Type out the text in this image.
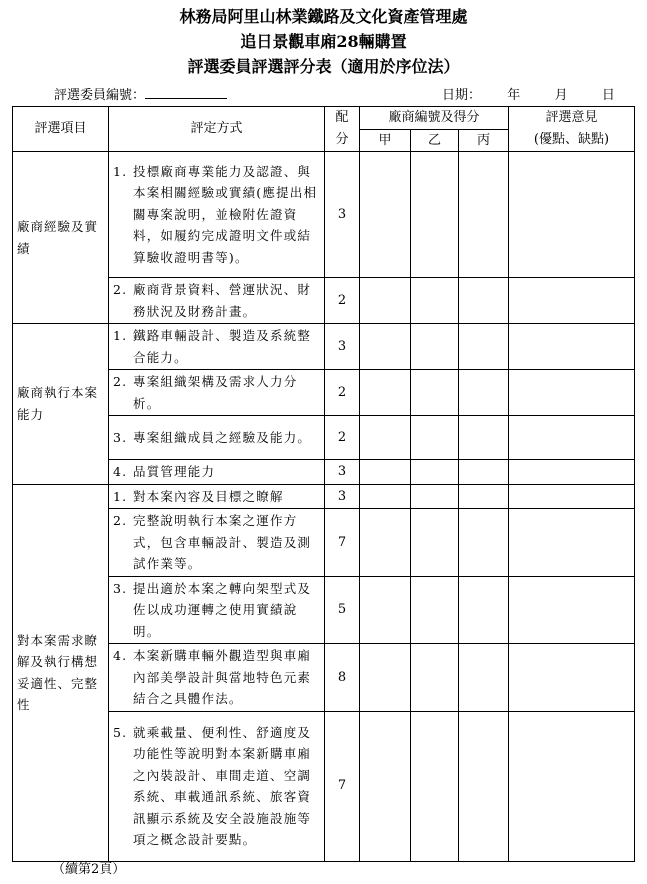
林務局阿里山林業鐵路及文化資產管理處
追日景觀車廂28輛購置
評選委員評選評分表（適用於序位法）
評選委員編號：	日期： 年	月	日
評選項目	評定方式	配	廠商編號及得分			評選意見
		分	甲	乙	丙	(優點、缺點)
廠商經驗及實績	1. 投標廠商專業能力及認證、與本案相關經驗或實績(應提出相關專案說明，並檢附佐證資料，如履約完成證明文件或結算驗收證明書等)。	3				

	2. 廠商背景資料、營運狀況、財務狀況及財務計畫。	2				
廠商執行本案能力	1. 鐵路車輛設計、製造及系統整合能力。	3				

	2. 專案組織架構及需求人力分析。	2				

	3. 專案組織成員之經驗及能力。	2				

	4. 品質管理能力	3				
對本案需求瞭解及執行構想妥適性、完整性	1. 對本案內容及目標之瞭解	3				

	2. 完整說明執行本案之運作方式，包含車輛設計、製造及測試作業等。	7				

	3. 提出適於本案之轉向架型式及佐以成功運轉之使用實績說明。	5				

	4. 本案新購車輛外觀造型與車廂內部美學設計與當地特色元素結合之具體作法。	8				

	5. 就乘載量、便利性、舒適度及功能性等說明對本案新購車廂之內裝設計、車間走道、空調系統、車載通訊系統、旅客資訊顯示系統及安全設施設施等項之概念設計要點。	7				
（續第2頁）
